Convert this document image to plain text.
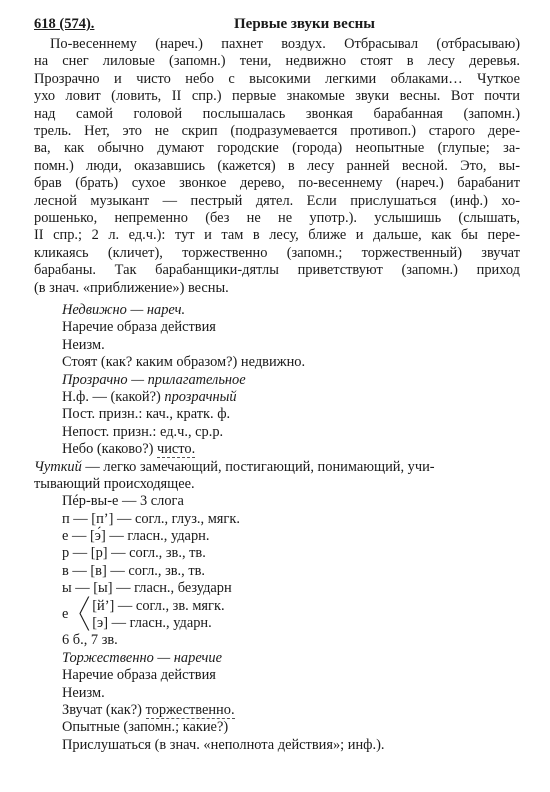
618 (574).	Первые звуки весны
По-весеннему (нареч.) пахнет воздух. Отбрасывал (отбрасываю)
на снег лиловые (запомн.) тени, недвижно стоят в лесу деревья.
Прозрачно и чисто небо с высокими легкими облаками… Чуткое
ухо ловит (ловить, II спр.) первые знакомые звуки весны. Вот почти
над самой головой послышалась звонкая барабанная (запомн.)
трель. Нет, это не скрип (подразумевается противоп.) старого дере-
ва, как обычно думают городские (города) неопытные (глупые; за-
помн.) люди, оказавшись (кажется) в лесу ранней весной. Это, вы-
брав (брать) сухое звонкое дерево, по-весеннему (нареч.) барабанит
лесной музыкант — пестрый дятел. Если прислушаться (инф.) хо-
рошенько, непременно (без не не употр.). услышишь (слышать,
II спр.; 2 л. ед.ч.): тут и там в лесу, ближе и дальше, как бы пере-
кликаясь (кличет), торжественно (запомн.; торжественный) звучат
барабаны. Так барабанщики-дятлы приветствуют (запомн.) приход
(в знач. «приближение») весны.
Недвижно — нареч.
Наречие образа действия
Неизм.
Стоят (как? каким образом?) недвижно.
Прозрачно — прилагательное
Н.ф. — (какой?) прозрачный
Пост. призн.: кач., кратк. ф.
Непост. призн.: ед.ч., ср.р.
Небо (каково?) чисто.
Чуткий — легко замечающий, постигающий, понимающий, учи-
тывающий происходящее.
Пéр-вы-е — 3 слога
п — [п’] — согл., глуз., мягк.
е — [э́] — гласн., ударн.
р — [р] — согл., зв., тв.
в — [в] — согл., зв., тв.
ы — [ы] — гласн., безударн
╱ [й’] — согл., зв. мягк.
е
╲ [э] — гласн., ударн.
6 б., 7 зв.
Торжественно — наречие
Наречие образа действия
Неизм.
Звучат (как?) торжественно.
Опытные (запомн.; какие?)
Прислушаться (в знач. «неполнота действия»; инф.).
